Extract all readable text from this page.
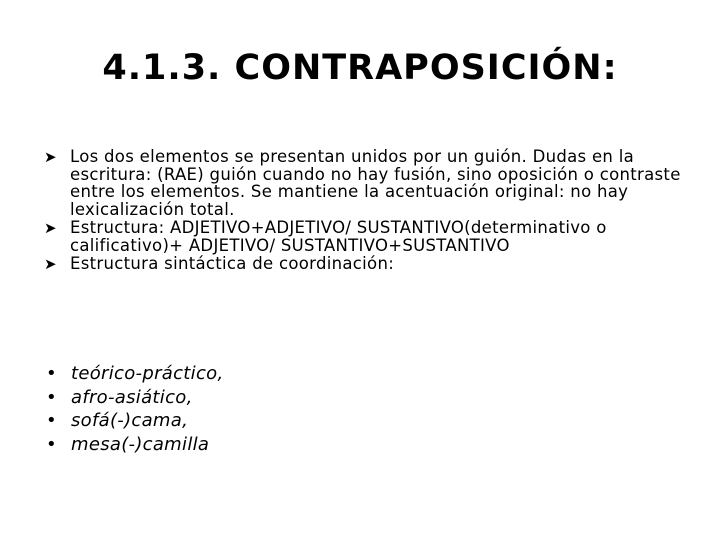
4.1.3. CONTRAPOSICIÓN:
➤ Los dos elementos se presentan unidos por un guión. Dudas en la escritura: (RAE) guión cuando no hay fusión, sino oposición o contraste entre los elementos. Se mantiene la acentuación original: no hay lexicalización total.
➤ Estructura: ADJETIVO+ADJETIVO/ SUSTANTIVO(determinativo o calificativo)+ ADJETIVO/ SUSTANTIVO+SUSTANTIVO
➤ Estructura sintáctica de coordinación:
• teórico-práctico,
• afro-asiático,
• sofá(-)cama,
• mesa(-)camilla
